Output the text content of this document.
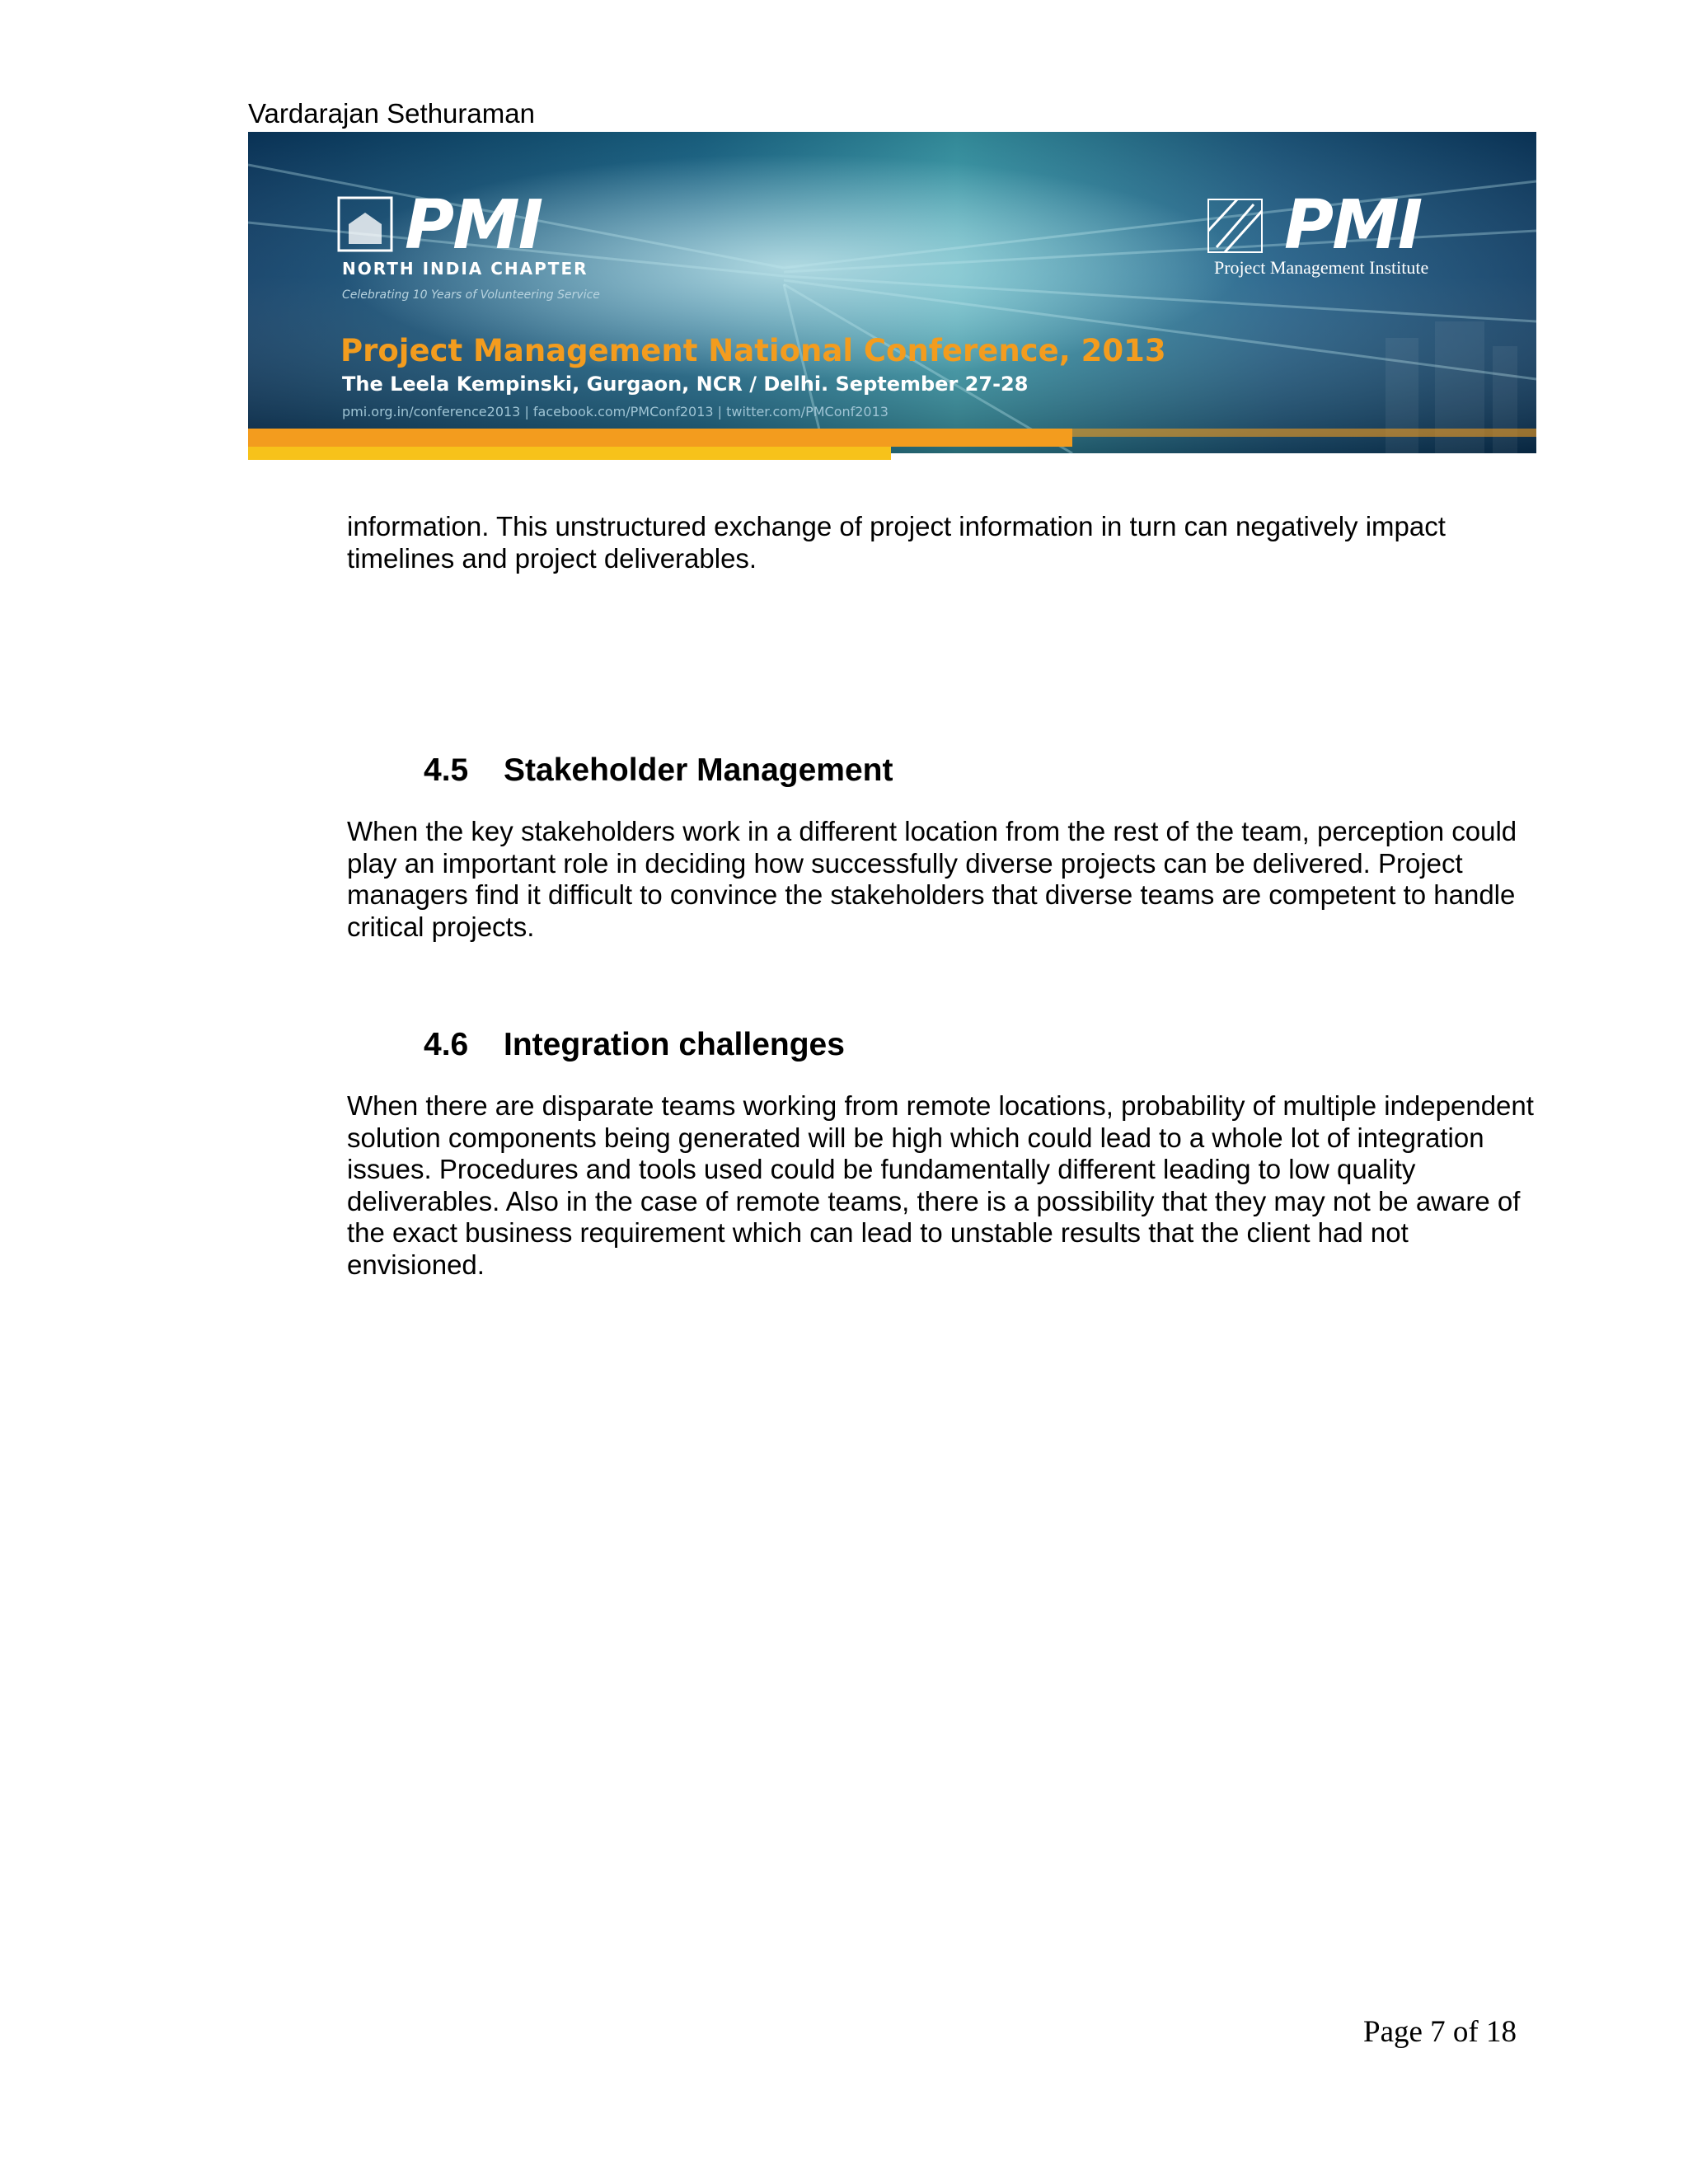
Vardarajan Sethuraman
PMI
NORTH INDIA CHAPTER
Celebrating 10 Years of Volunteering Service
PMI
Project Management Institute
Project Management National Conference, 2013
The Leela Kempinski, Gurgaon, NCR / Delhi. September 27-28
pmi.org.in/conference2013 | facebook.com/PMConf2013 | twitter.com/PMConf2013

information. This unstructured exchange of project information in turn can negatively impact timelines and project deliverables.

4.5 Stakeholder Management

When the key stakeholders work in a different location from the rest of the team, perception could play an important role in deciding how successfully diverse projects can be delivered. Project managers find it difficult to convince the stakeholders that diverse teams are competent to handle critical projects.

4.6 Integration challenges

When there are disparate teams working from remote locations, probability of multiple independent solution components being generated will be high which could lead to a whole lot of integration issues. Procedures and tools used could be fundamentally different leading to low quality deliverables. Also in the case of remote teams, there is a possibility that they may not be aware of the exact business requirement which can lead to unstable results that the client had not envisioned.

Page 7 of 18
